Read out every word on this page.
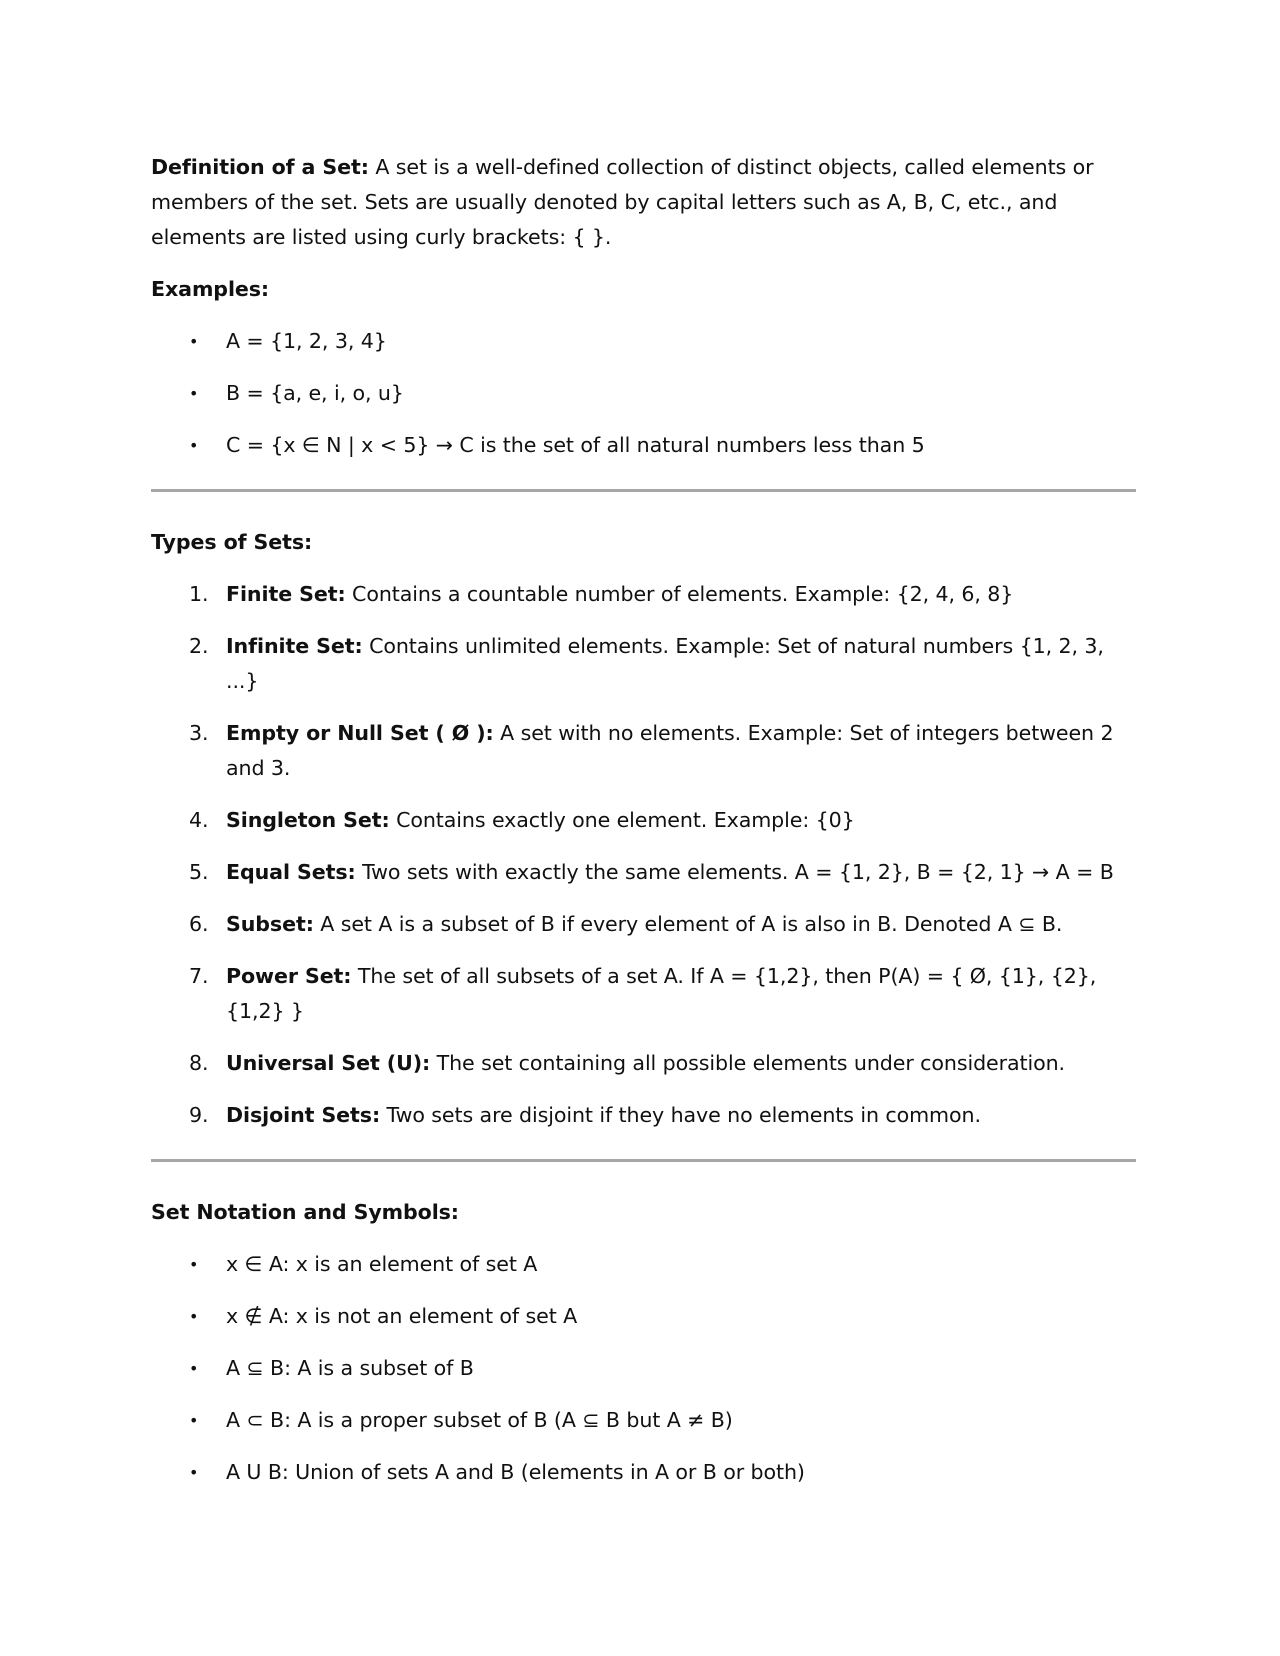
Definition of a Set: A set is a well-defined collection of distinct objects, called elements or members of the set. Sets are usually denoted by capital letters such as A, B, C, etc., and elements are listed using curly brackets: { }.

Examples:

• A = {1, 2, 3, 4}
• B = {a, e, i, o, u}
• C = {x ∈ N | x < 5} → C is the set of all natural numbers less than 5

Types of Sets:

1. Finite Set: Contains a countable number of elements. Example: {2, 4, 6, 8}
2. Infinite Set: Contains unlimited elements. Example: Set of natural numbers {1, 2, 3, ...}
3. Empty or Null Set ( Ø ): A set with no elements. Example: Set of integers between 2 and 3.
4. Singleton Set: Contains exactly one element. Example: {0}
5. Equal Sets: Two sets with exactly the same elements. A = {1, 2}, B = {2, 1} → A = B
6. Subset: A set A is a subset of B if every element of A is also in B. Denoted A ⊆ B.
7. Power Set: The set of all subsets of a set A. If A = {1,2}, then P(A) = { Ø, {1}, {2}, {1,2} }
8. Universal Set (U): The set containing all possible elements under consideration.
9. Disjoint Sets: Two sets are disjoint if they have no elements in common.

Set Notation and Symbols:

• x ∈ A: x is an element of set A
• x ∉ A: x is not an element of set A
• A ⊆ B: A is a subset of B
• A ⊂ B: A is a proper subset of B (A ⊆ B but A ≠ B)
• A U B: Union of sets A and B (elements in A or B or both)
